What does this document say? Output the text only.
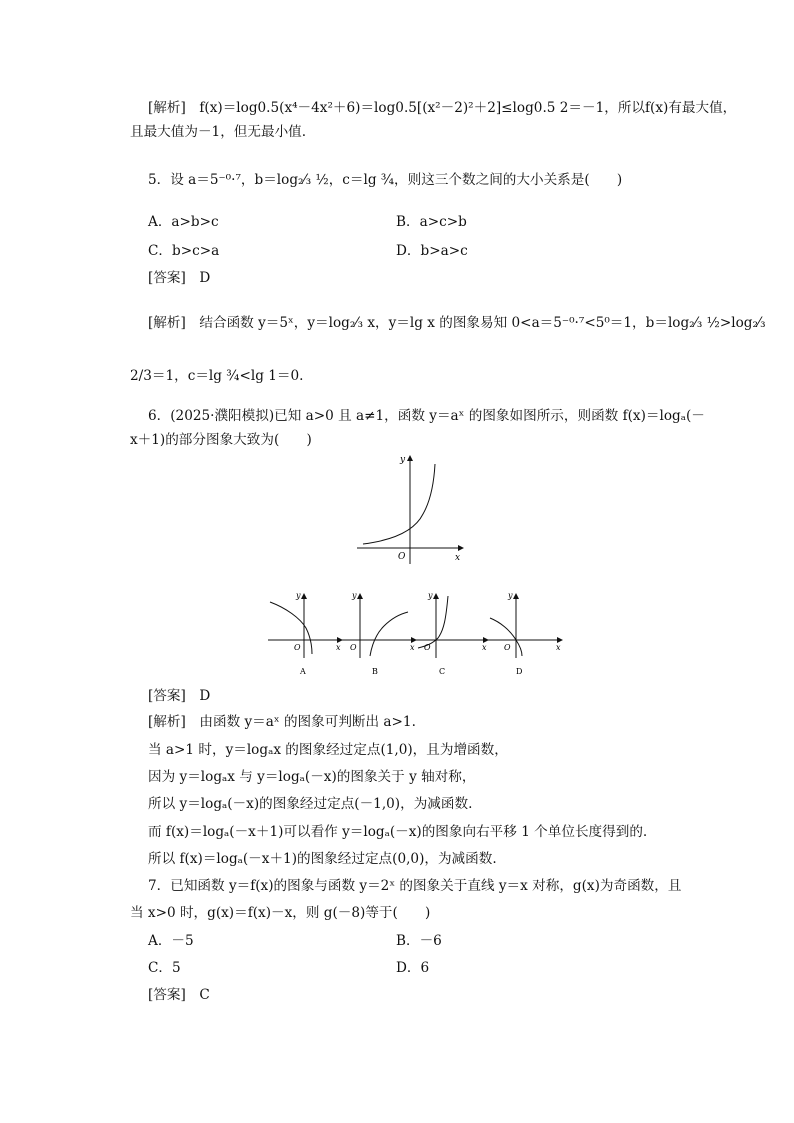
[解析]　f(x)＝log0.5(x⁴－4x²＋6)＝log0.5[(x²－2)²＋2]≤log0.5 2＝－1，所以f(x)有最大值，
且最大值为－1，但无最小值.
5．设 a＝5⁻⁰·⁷，b＝log₂⁄₃ ½，c＝lg ¾，则这三个数之间的大小关系是(　　)
A．a>b>c	B．a>c>b
C．b>c>a	D．b>a>c
[答案]　D
[解析]　结合函数 y＝5ˣ，y＝log₂⁄₃ x，y＝lg x 的图象易知 0<a＝5⁻⁰·⁷<5⁰＝1，b＝log₂⁄₃ ½>log₂⁄₃
2/3＝1，c＝lg ¾<lg 1＝0.
6．(2025·濮阳模拟)已知 a>0 且 a≠1，函数 y＝aˣ 的图象如图所示，则函数 f(x)＝logₐ(－
x＋1)的部分图象大致为(　　)
y
x
O
y
x
O
A
y
x
O
B
y
x
O
C
y
x
O
D
[答案]　D
[解析]　由函数 y＝aˣ 的图象可判断出 a>1.
当 a>1 时，y＝logₐx 的图象经过定点(1,0)，且为增函数，
因为 y＝logₐx 与 y＝logₐ(－x)的图象关于 y 轴对称，
所以 y＝logₐ(－x)的图象经过定点(－1,0)，为减函数.
而 f(x)＝logₐ(－x＋1)可以看作 y＝logₐ(－x)的图象向右平移 1 个单位长度得到的.
所以 f(x)＝logₐ(－x＋1)的图象经过定点(0,0)，为减函数.
7．已知函数 y＝f(x)的图象与函数 y＝2ˣ 的图象关于直线 y＝x 对称，g(x)为奇函数，且
当 x>0 时，g(x)＝f(x)－x，则 g(－8)等于(　　)
A．－5	B．－6
C．5	D．6
[答案]　C
